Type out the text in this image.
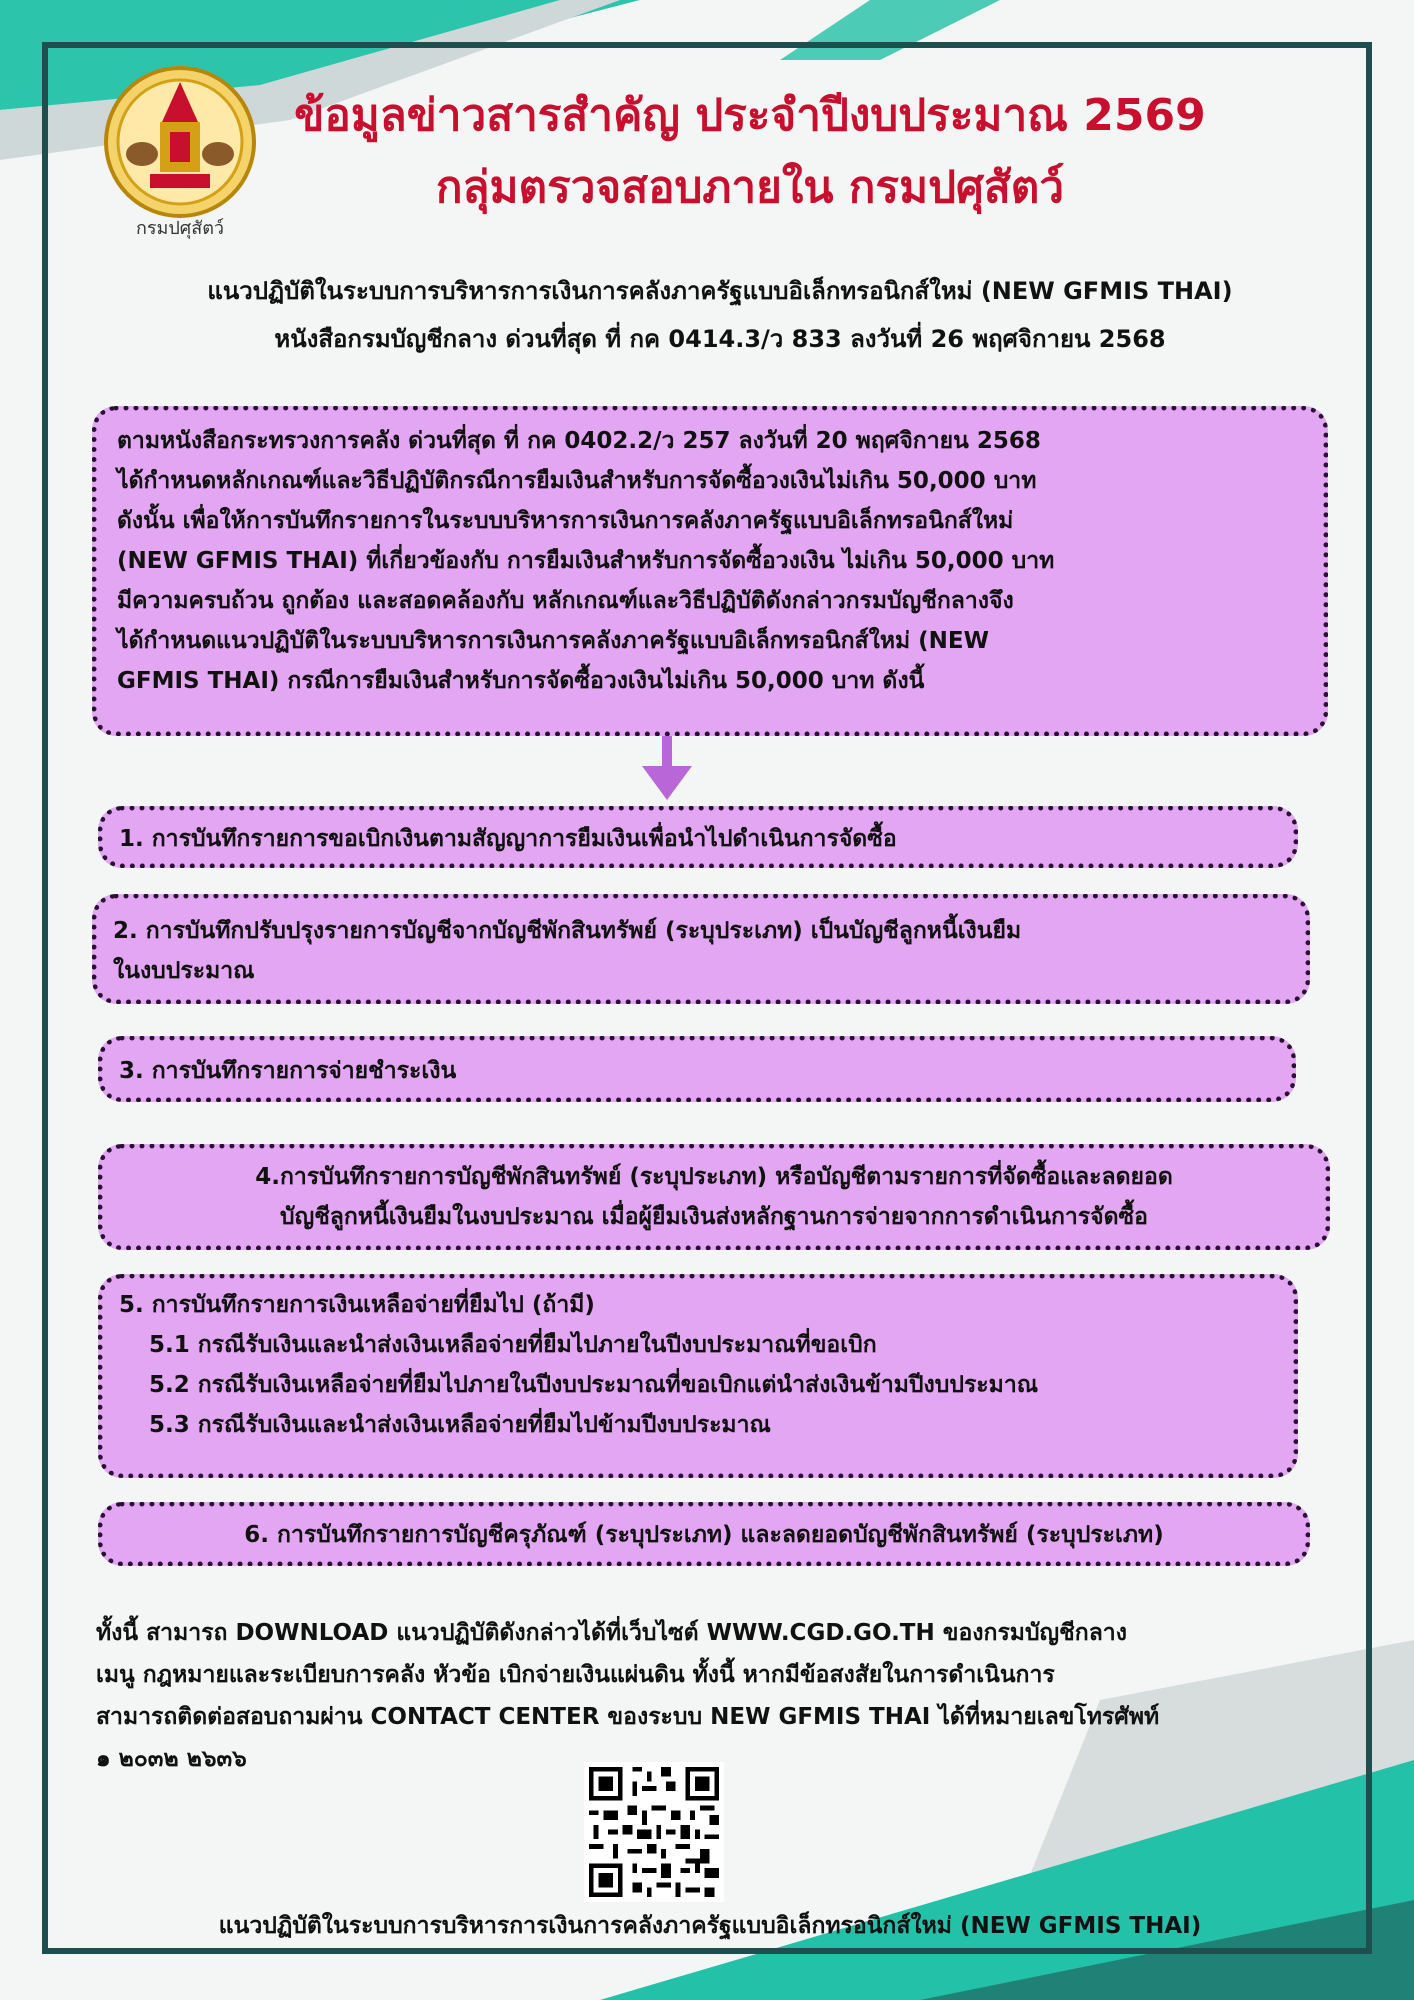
กรมปศุสัตว์
ข้อมูลข่าวสารสำคัญ ประจำปีงบประมาณ 2569
กลุ่มตรวจสอบภายใน กรมปศุสัตว์
แนวปฏิบัติในระบบการบริหารการเงินการคลังภาครัฐแบบอิเล็กทรอนิกส์ใหม่ (NEW GFMIS THAI)
หนังสือกรมบัญชีกลาง ด่วนที่สุด ที่ กค 0414.3/ว 833 ลงวันที่ 26 พฤศจิกายน 2568

ตามหนังสือกระทรวงการคลัง ด่วนที่สุด ที่ กค 0402.2/ว 257 ลงวันที่ 20 พฤศจิกายน 2568

ได้กำหนดหลักเกณฑ์และวิธีปฏิบัติกรณีการยืมเงินสำหรับการจัดซื้อวงเงินไม่เกิน 50,000 บาท

ดังนั้น เพื่อให้การบันทึกรายการในระบบบริหารการเงินการคลังภาครัฐแบบอิเล็กทรอนิกส์ใหม่

(NEW GFMIS THAI) ที่เกี่ยวข้องกับ การยืมเงินสำหรับการจัดซื้อวงเงิน ไม่เกิน 50,000 บาท

มีความครบถ้วน ถูกต้อง และสอดคล้องกับ หลักเกณฑ์และวิธีปฏิบัติดังกล่าวกรมบัญชีกลางจึง

ได้กำหนดแนวปฏิบัติในระบบบริหารการเงินการคลังภาครัฐแบบอิเล็กทรอนิกส์ใหม่ (NEW

GFMIS THAI) กรณีการยืมเงินสำหรับการจัดซื้อวงเงินไม่เกิน 50,000 บาท ดังนี้

1. การบันทึกรายการขอเบิกเงินตามสัญญาการยืมเงินเพื่อนำไปดำเนินการจัดซื้อ

2. การบันทึกปรับปรุงรายการบัญชีจากบัญชีพักสินทรัพย์ (ระบุประเภท) เป็นบัญชีลูกหนี้เงินยืม

ในงบประมาณ

3. การบันทึกรายการจ่ายชำระเงิน

4.การบันทึกรายการบัญชีพักสินทรัพย์ (ระบุประเภท) หรือบัญชีตามรายการที่จัดซื้อและลดยอด

บัญชีลูกหนี้เงินยืมในงบประมาณ เมื่อผู้ยืมเงินส่งหลักฐานการจ่ายจากการดำเนินการจัดซื้อ

5. การบันทึกรายการเงินเหลือจ่ายที่ยืมไป (ถ้ามี)

5.1 กรณีรับเงินและนำส่งเงินเหลือจ่ายที่ยืมไปภายในปีงบประมาณที่ขอเบิก

5.2 กรณีรับเงินเหลือจ่ายที่ยืมไปภายในปีงบประมาณที่ขอเบิกแต่นำส่งเงินข้ามปีงบประมาณ

5.3 กรณีรับเงินและนำส่งเงินเหลือจ่ายที่ยืมไปข้ามปีงบประมาณ

6. การบันทึกรายการบัญชีครุภัณฑ์ (ระบุประเภท) และลดยอดบัญชีพักสินทรัพย์ (ระบุประเภท)

ทั้งนี้ สามารถ DOWNLOAD แนวปฏิบัติดังกล่าวได้ที่เว็บไซต์ WWW.CGD.GO.TH ของกรมบัญชีกลาง

เมนู กฎหมายและระเบียบการคลัง หัวข้อ เบิกจ่ายเงินแผ่นดิน ทั้งนี้ หากมีข้อสงสัยในการดำเนินการ

สามารถติดต่อสอบถามผ่าน CONTACT CENTER ของระบบ NEW GFMIS THAI ได้ที่หมายเลขโทรศัพท์

๑ ๒๐๓๒ ๒๖๓๖

แนวปฏิบัติในระบบการบริหารการเงินการคลังภาครัฐแบบอิเล็กทรอนิกส์ใหม่ (NEW GFMIS THAI)
